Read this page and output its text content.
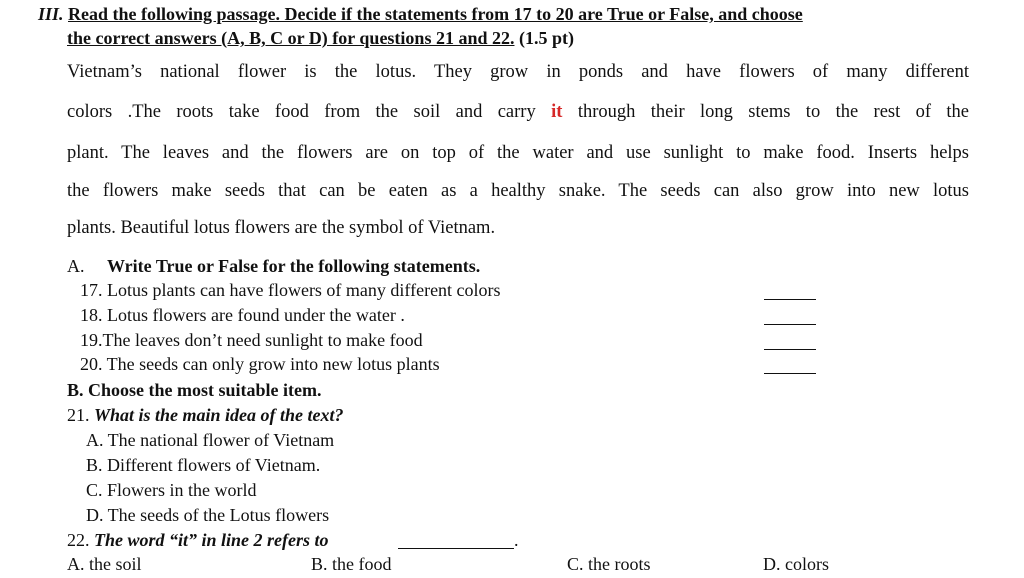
III. Read the following passage. Decide if the statements from 17 to 20 are True or False, and choose
the correct answers (A, B, C or D) for questions 21 and 22. (1.5 pt)
Vietnam’s national flower is the lotus. They grow in ponds and have flowers of many different
colors .The roots take food from the soil and carry it through their long stems to the rest of the
plant. The leaves and the flowers are on top of the water and use sunlight to make food. Inserts helps
the flowers make seeds that can be eaten as a healthy snake. The seeds can also grow into new lotus
plants. Beautiful lotus flowers are the symbol of Vietnam.
A. Write True or False for the following statements.
17. Lotus plants can have flowers of many different colors
18. Lotus flowers are found under the water .
19.The leaves don’t need sunlight to make food
20. The seeds can only grow into new lotus plants
B. Choose the most suitable item.
21. What is the main idea of the text?
A. The national flower of Vietnam
B. Different flowers of Vietnam.
C. Flowers in the world
D. The seeds of the Lotus flowers
22. The word “it” in line 2 refers to	.
A. the soil	B. the food	C. the roots	D. colors
